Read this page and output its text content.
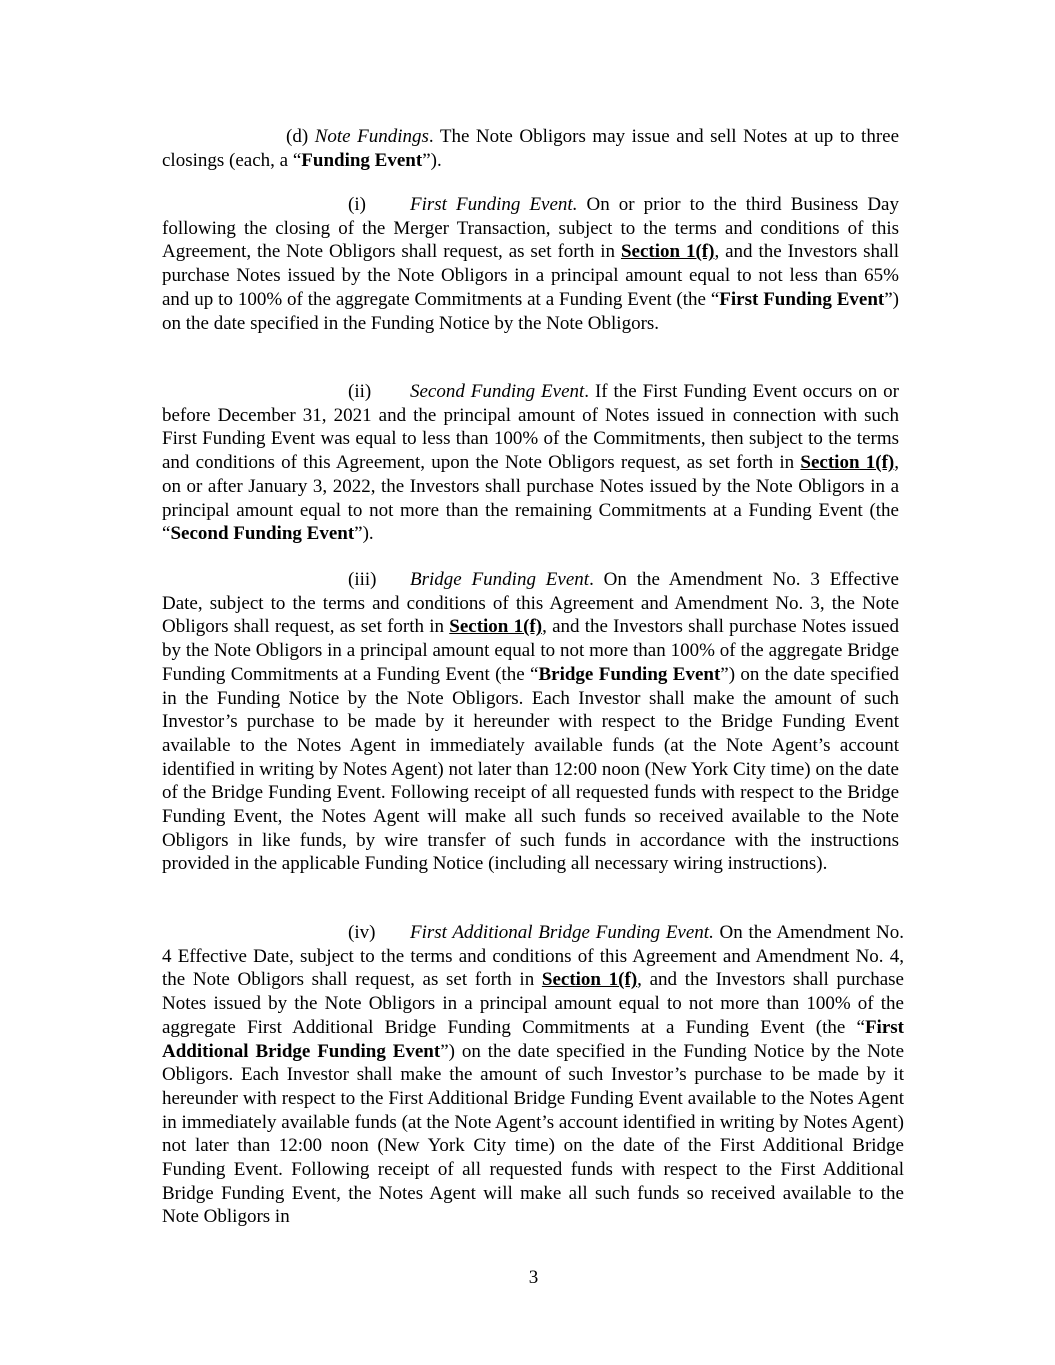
(d) Note Fundings. The Note Obligors may issue and sell Notes at up to three closings (each, a “Funding Event”).

(i) First Funding Event. On or prior to the third Business Day following the closing of the Merger Transaction, subject to the terms and conditions of this Agreement, the Note Obligors shall request, as set forth in Section 1(f), and the Investors shall purchase Notes issued by the Note Obligors in a principal amount equal to not less than 65% and up to 100% of the aggregate Commitments at a Funding Event (the “First Funding Event”) on the date specified in the Funding Notice by the Note Obligors.

(ii) Second Funding Event. If the First Funding Event occurs on or before December 31, 2021 and the principal amount of Notes issued in connection with such First Funding Event was equal to less than 100% of the Commitments, then subject to the terms and conditions of this Agreement, upon the Note Obligors request, as set forth in Section 1(f), on or after January 3, 2022, the Investors shall purchase Notes issued by the Note Obligors in a principal amount equal to not more than the remaining Commitments at a Funding Event (the “Second Funding Event”).

(iii) Bridge Funding Event. On the Amendment No. 3 Effective Date, subject to the terms and conditions of this Agreement and Amendment No. 3, the Note Obligors shall request, as set forth in Section 1(f), and the Investors shall purchase Notes issued by the Note Obligors in a principal amount equal to not more than 100% of the aggregate Bridge Funding Commitments at a Funding Event (the “Bridge Funding Event”) on the date specified in the Funding Notice by the Note Obligors. Each Investor shall make the amount of such Investor’s purchase to be made by it hereunder with respect to the Bridge Funding Event available to the Notes Agent in immediately available funds (at the Note Agent’s account identified in writing by Notes Agent) not later than 12:00 noon (New York City time) on the date of the Bridge Funding Event. Following receipt of all requested funds with respect to the Bridge Funding Event, the Notes Agent will make all such funds so received available to the Note Obligors in like funds, by wire transfer of such funds in accordance with the instructions provided in the applicable Funding Notice (including all necessary wiring instructions).

(iv) First Additional Bridge Funding Event. On the Amendment No. 4 Effective Date, subject to the terms and conditions of this Agreement and Amendment No. 4, the Note Obligors shall request, as set forth in Section 1(f), and the Investors shall purchase Notes issued by the Note Obligors in a principal amount equal to not more than 100% of the aggregate First Additional Bridge Funding Commitments at a Funding Event (the “First Additional Bridge Funding Event”) on the date specified in the Funding Notice by the Note Obligors. Each Investor shall make the amount of such Investor’s purchase to be made by it hereunder with respect to the First Additional Bridge Funding Event available to the Notes Agent in immediately available funds (at the Note Agent’s account identified in writing by Notes Agent) not later than 12:00 noon (New York City time) on the date of the First Additional Bridge Funding Event. Following receipt of all requested funds with respect to the First Additional Bridge Funding Event, the Notes Agent will make all such funds so received available to the Note Obligors in

3
